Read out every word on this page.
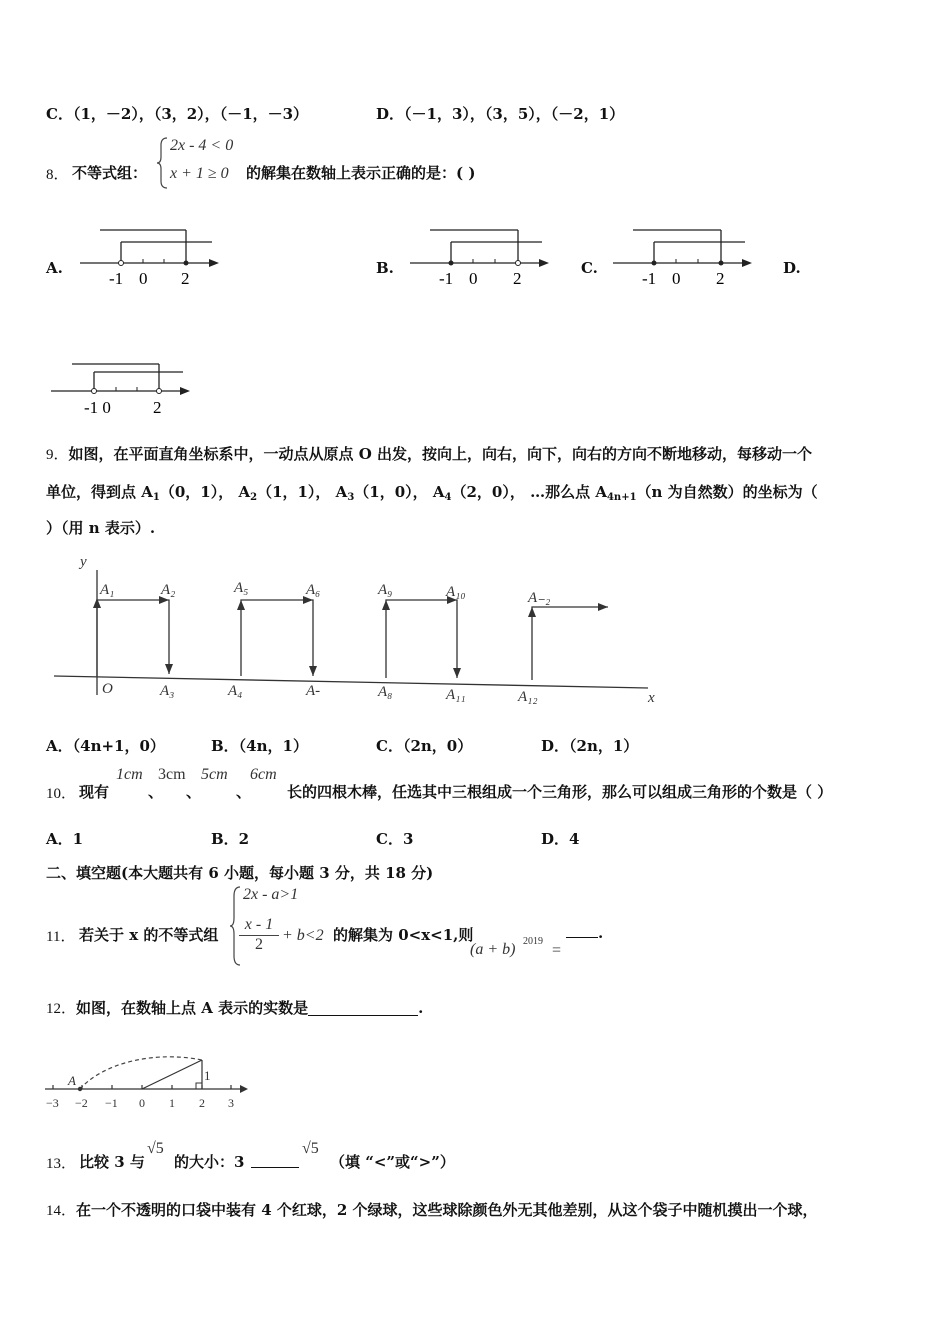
C．（1，－2），（3，2），（－1，－3）	D．（－1，3），（3，5），（－2，1）
8． 不等式组：
2x - 4 < 0
x + 1 ≥ 0 的解集在数轴上表示正确的是：( )
A.
-1 0 2
B.
-1 0 2
C.
-1 0 2
D.
-1 0 2
9．如图，在平面直角坐标系中，一动点从原点 O 出发，按向上，向右，向下，向右的方向不断地移动，每移动一个
单位，得到点 $A_1(0$，1）， $A_2(1$，1）， $A_3(1$，0）， $A_4(2$，0）， …那么点 $A_{4n+1}(n$ 为自然数）的坐标为（
）（用 n 表示）.
y
x
O
A₁	A₂
A₃	A₄
A₅	A₆
A-	A₈
A₉	A₁₀
A₁₁	A₁₂
A₋₂
A．（4n+1，0）	B．（4n，1）	C．（2n，0）	D．（2n，1）
10． 现有
1cm
、
3cm
、
5cm
、
6cm
长的四根木棒，任选其中三根组成一个三角形，那么可以组成三角形的个数是（ ）
A．1	B．2	C．3	D．4
二、填空题(本大题共有 6 小题，每小题 3 分，共 18 分)
11． 若关于 x 的不等式组
2x - a>1
$\frac{x - 1}{2} + b<2$ 的解集为 0<x<1,则
(a + b) 2019
=
.
12．如图，在数轴上点 A 表示的实数是	.
A	1
−3 −2 −1 0 1 2 3
13． 比较 3 与
√5
的大小：3
√5
（填 “<”或“>”）
14．在一个不透明的口袋中装有 4 个红球，2 个绿球，这些球除颜色外无其他差别，从这个袋子中随机摸出一个球，
